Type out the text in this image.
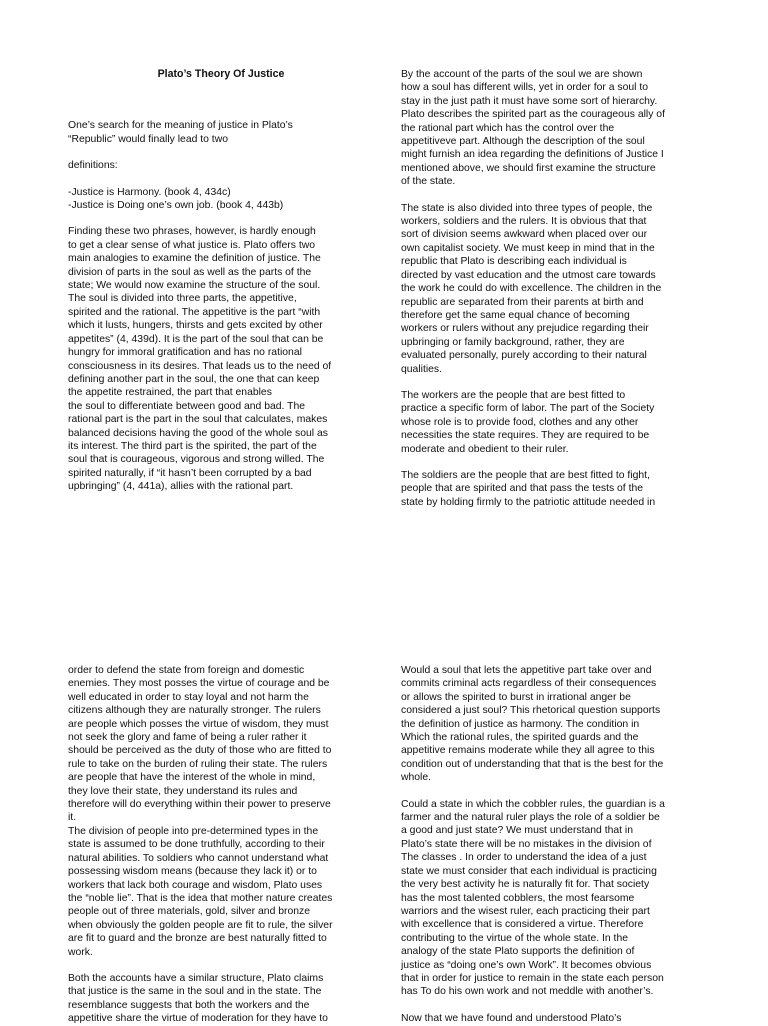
Plato’s Theory Of Justice

One’s search for the meaning of justice in Plato’s
“Republic” would finally lead to two

definitions:

-Justice is Harmony. (book 4, 434c)
-Justice is Doing one’s own job. (book 4, 443b)

Finding these two phrases, however, is hardly enough
to get a clear sense of what justice is. Plato offers two
main analogies to examine the definition of justice. The
division of parts in the soul as well as the parts of the
state; We would now examine the structure of the soul.
The soul is divided into three parts, the appetitive,
spirited and the rational. The appetitive is the part “with
which it lusts, hungers, thirsts and gets excited by other
appetites” (4, 439d). It is the part of the soul that can be
hungry for immoral gratification and has no rational
consciousness in its desires. That leads us to the need of
defining another part in the soul, the one that can keep
the appetite restrained, the part that enables
the soul to differentiate between good and bad. The
rational part is the part in the soul that calculates, makes
balanced decisions having the good of the whole soul as
its interest. The third part is the spirited, the part of the
soul that is courageous, vigorous and strong willed. The
spirited naturally, if “it hasn’t been corrupted by a bad
upbringing” (4, 441a), allies with the rational part.

By the account of the parts of the soul we are shown
how a soul has different wills, yet in order for a soul to
stay in the just path it must have some sort of hierarchy.
Plato describes the spirited part as the courageous ally of
the rational part which has the control over the
appetitiveve part. Although the description of the soul
might furnish an idea regarding the definitions of Justice I
mentioned above, we should first examine the structure
of the state.

The state is also divided into three types of people, the
workers, soldiers and the rulers. It is obvious that that
sort of division seems awkward when placed over our
own capitalist society. We must keep in mind that in the
republic that Plato is describing each individual is
directed by vast education and the utmost care towards
the work he could do with excellence. The children in the
republic are separated from their parents at birth and
therefore get the same equal chance of becoming
workers or rulers without any prejudice regarding their
upbringing or family background, rather, they are
evaluated personally, purely according to their natural
qualities.

The workers are the people that are best fitted to
practice a specific form of labor. The part of the Society
whose role is to provide food, clothes and any other
necessities the state requires. They are required to be
moderate and obedient to their ruler.

The soldiers are the people that are best fitted to fight,
people that are spirited and that pass the tests of the
state by holding firmly to the patriotic attitude needed in

order to defend the state from foreign and domestic
enemies. They most posses the virtue of courage and be
well educated in order to stay loyal and not harm the
citizens although they are naturally stronger. The rulers
are people which posses the virtue of wisdom, they must
not seek the glory and fame of being a ruler rather it
should be perceived as the duty of those who are fitted to
rule to take on the burden of ruling their state. The rulers
are people that have the interest of the whole in mind,
they love their state, they understand its rules and
therefore will do everything within their power to preserve
it.
The division of people into pre-determined types in the
state is assumed to be done truthfully, according to their
natural abilities. To soldiers who cannot understand what
possessing wisdom means (because they lack it) or to
workers that lack both courage and wisdom, Plato uses
the “noble lie”. That is the idea that mother nature creates
people out of three materials, gold, silver and bronze
when obviously the golden people are fit to rule, the silver
are fit to guard and the bronze are best naturally fitted to
work.

Both the accounts have a similar structure, Plato claims
that justice is the same in the soul and in the state. The
resemblance suggests that both the workers and the
appetitive share the virtue of moderation for they have to

Would a soul that lets the appetitive part take over and
commits criminal acts regardless of their consequences
or allows the spirited to burst in irrational anger be
considered a just soul? This rhetorical question supports
the definition of justice as harmony. The condition in
Which the rational rules, the spirited guards and the
appetitive remains moderate while they all agree to this
condition out of understanding that that is the best for the
whole.

Could a state in which the cobbler rules, the guardian is a
farmer and the natural ruler plays the role of a soldier be
a good and just state? We must understand that in
Plato’s state there will be no mistakes in the division of
The classes . In order to understand the idea of a just
state we must consider that each individual is practicing
the very best activity he is naturally fit for. That society
has the most talented cobblers, the most fearsome
warriors and the wisest ruler, each practicing their part
with excellence that is considered a virtue. Therefore
contributing to the virtue of the whole state. In the
analogy of the state Plato supports the definition of
justice as “doing one’s own Work”. It becomes obvious
that in order for justice to remain in the state each person
has To do his own work and not meddle with another’s.

Now that we have found and understood Plato’s
